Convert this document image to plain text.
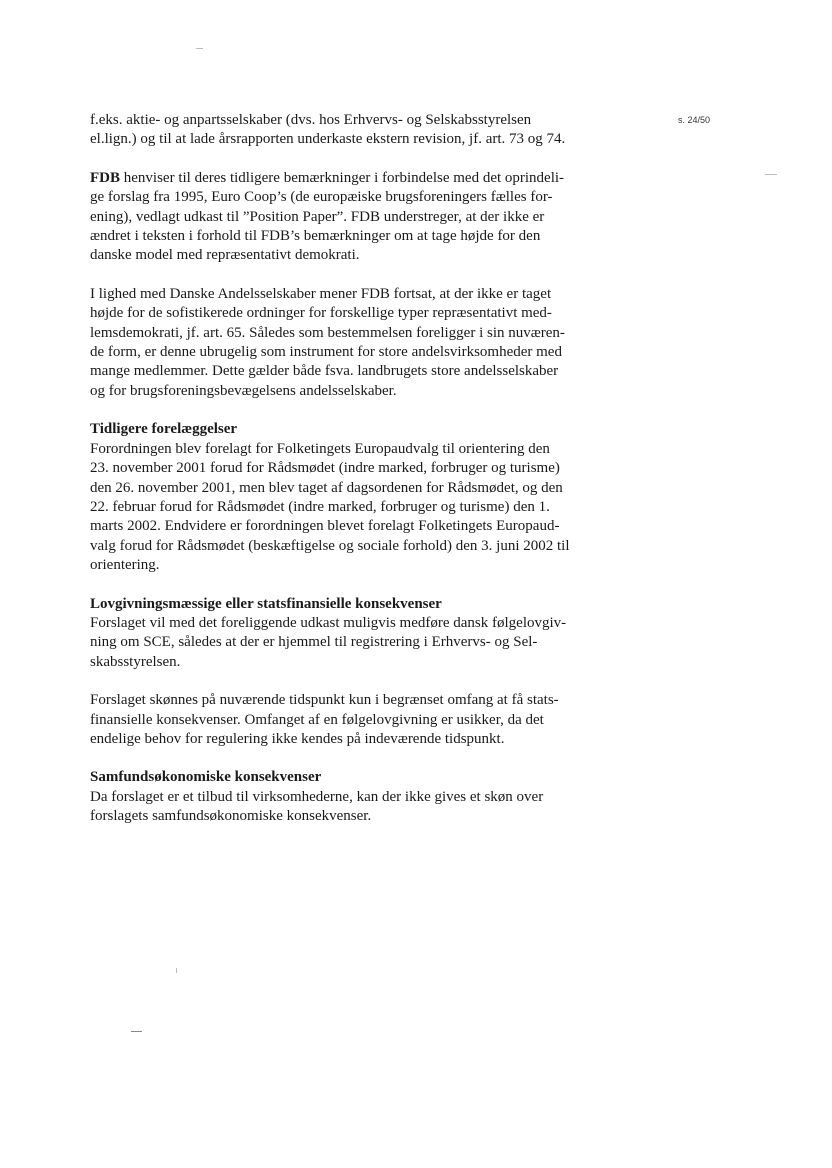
s. 24/50
f.eks. aktie- og anpartsselskaber (dvs. hos Erhvervs- og Selskabsstyrelsen
el.lign.) og til at lade årsrapporten underkaste ekstern revision, jf. art. 73 og 74.
FDB henviser til deres tidligere bemærkninger i forbindelse med det oprindeli-
ge forslag fra 1995, Euro Coop’s (de europæiske brugsforeningers fælles for-
ening), vedlagt udkast til ”Position Paper”. FDB understreger, at der ikke er
ændret i teksten i forhold til FDB’s bemærkninger om at tage højde for den
danske model med repræsentativt demokrati.
I lighed med Danske Andelsselskaber mener FDB fortsat, at der ikke er taget
højde for de sofistikerede ordninger for forskellige typer repræsentativt med-
lemsdemokrati, jf. art. 65. Således som bestemmelsen foreligger i sin nuværen-
de form, er denne ubrugelig som instrument for store andelsvirksomheder med
mange medlemmer. Dette gælder både fsva. landbrugets store andelsselskaber
og for brugsforeningsbevægelsens andelsselskaber.
Tidligere forelæggelser
Forordningen blev forelagt for Folketingets Europaudvalg til orientering den
23. november 2001 forud for Rådsmødet (indre marked, forbruger og turisme)
den 26. november 2001, men blev taget af dagsordenen for Rådsmødet, og den
22. februar forud for Rådsmødet (indre marked, forbruger og turisme) den 1.
marts 2002. Endvidere er forordningen blevet forelagt Folketingets Europaud-
valg forud for Rådsmødet (beskæftigelse og sociale forhold) den 3. juni 2002 til
orientering.
Lovgivningsmæssige eller statsfinansielle konsekvenser
Forslaget vil med det foreliggende udkast muligvis medføre dansk følgelovgiv-
ning om SCE, således at der er hjemmel til registrering i Erhvervs- og Sel-
skabsstyrelsen.
Forslaget skønnes på nuværende tidspunkt kun i begrænset omfang at få stats-
finansielle konsekvenser. Omfanget af en følgelovgivning er usikker, da det
endelige behov for regulering ikke kendes på indeværende tidspunkt.
Samfundsøkonomiske konsekvenser
Da forslaget er et tilbud til virksomhederne, kan der ikke gives et skøn over
forslagets samfundsøkonomiske konsekvenser.
